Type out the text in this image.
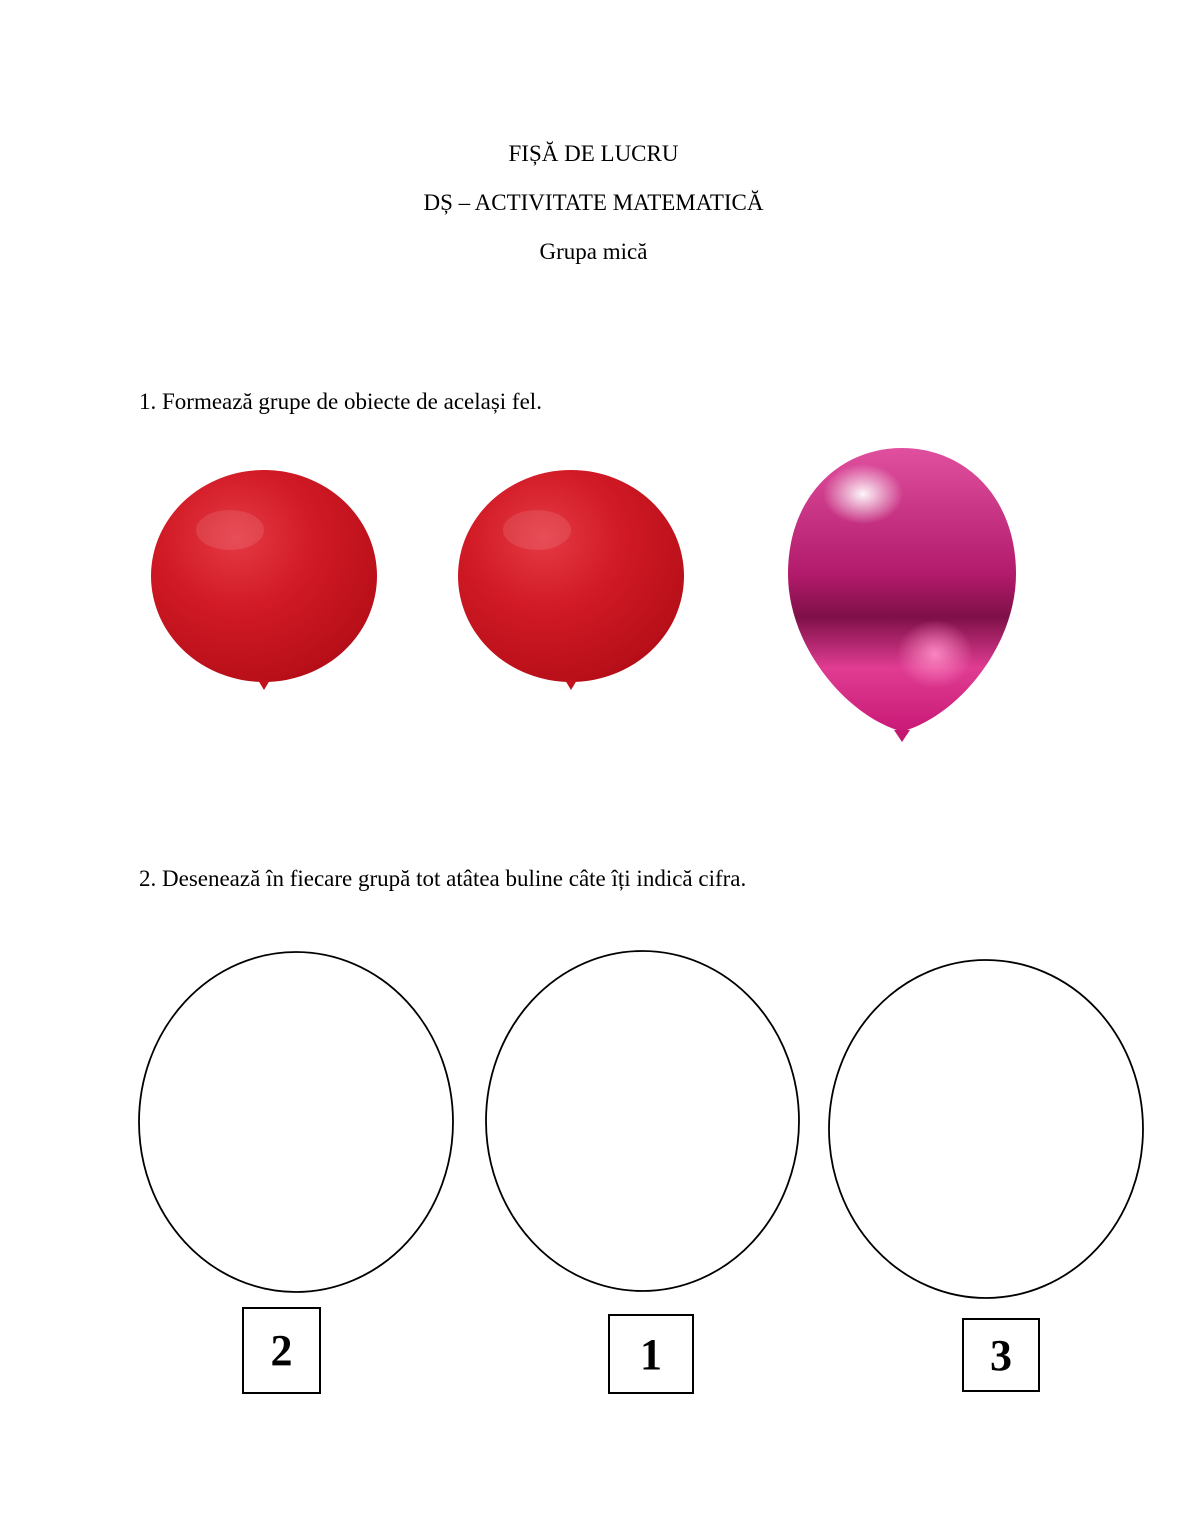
FIȘĂ DE LUCRU
DȘ – ACTIVITATE MATEMATICĂ
Grupa mică
1. Formează grupe de obiecte de același fel.
2. Desenează în fiecare grupă tot atâtea buline câte îți indică cifra.
2	1	3
